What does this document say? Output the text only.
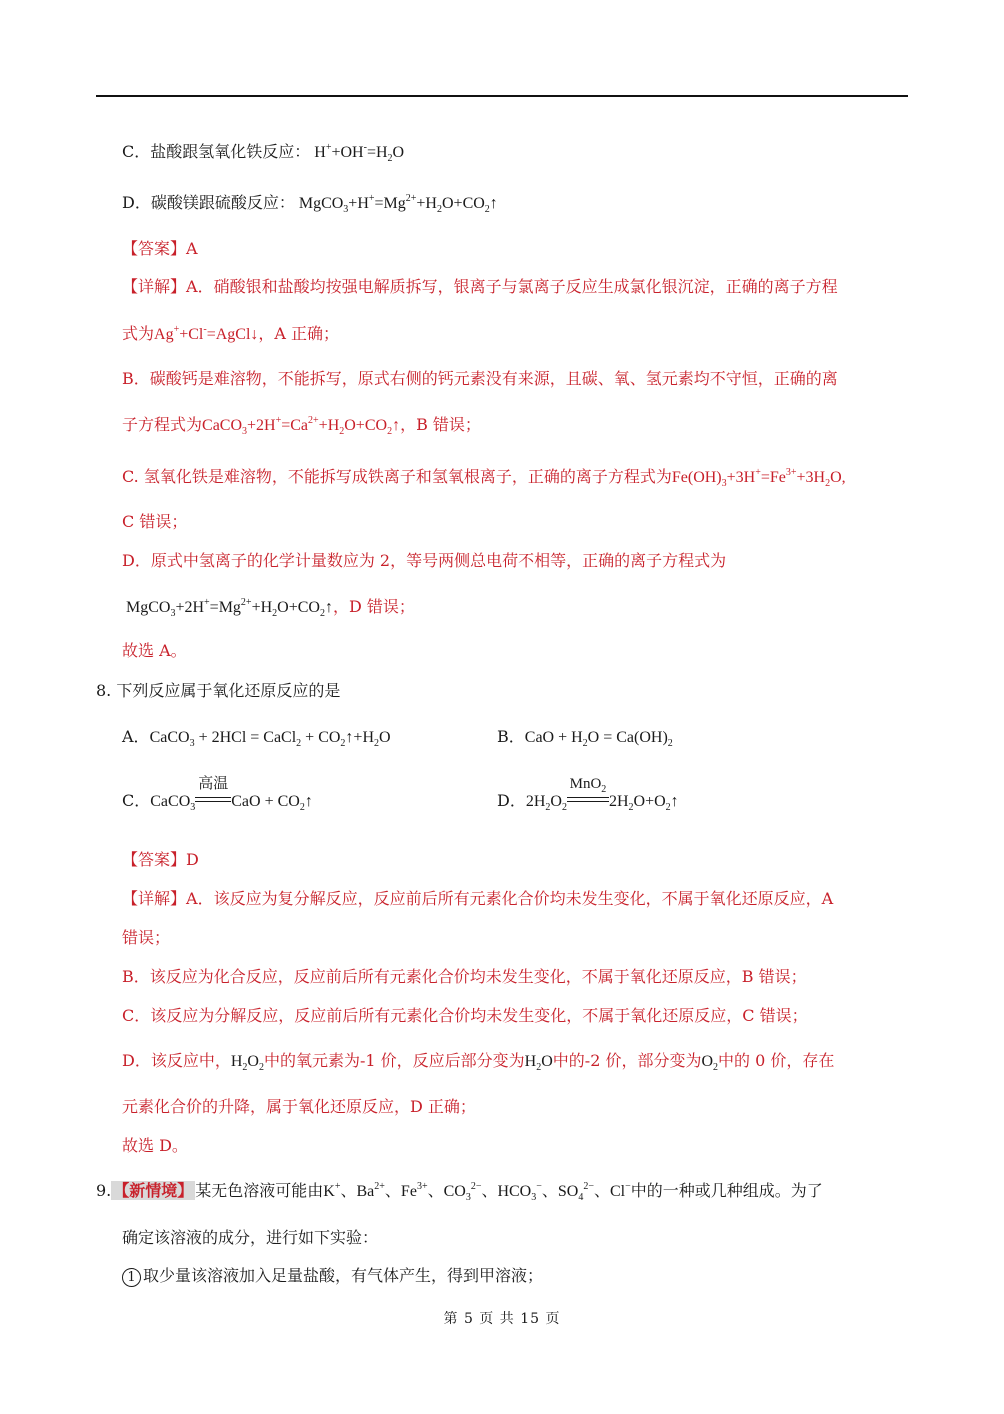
C．盐酸跟氢氧化铁反应： $H^++OH^-=H_2O$
D．碳酸镁跟硫酸反应： $MgCO_3+H^+=Mg^{2+}+H_2O+CO_2↑$
【答案】A
【详解】A．硝酸银和盐酸均按强电解质拆写，银离子与氯离子反应生成氯化银沉淀，正确的离子方程
式为Ag++Cl-=AgCl↓，A 正确；
B．碳酸钙是难溶物，不能拆写，原式右侧的钙元素没有来源，且碳、氧、氢元素均不守恒，正确的离
子方程式为$CaCO_3+2H^+=Ca^{2+}+H_2O+CO_2↑$，B 错误；
C. 氢氧化铁是难溶物，不能拆写成铁离子和氢氧根离子，正确的离子方程式为$Fe(OH)_3+3H^+=Fe^{3+}+3H_2O$,
C 错误；
D．原式中氢离子的化学计量数应为 2，等号两侧总电荷不相等，正确的离子方程式为
$MgCO_3+2H^+=Mg^{2+}+H_2O+CO_2↑$，D 错误；
故选 A。
8. 下列反应属于氧化还原反应的是
A．CaCO$_3$ + 2HCl = CaCl$_2$ + $CO_2↑+H_2O$	B．CaO + $H_2O = Ca(OH)_2$
C．CaCO$_3$
高温
CaO + $CO_2↑$	D．$2H_2O_2$
MnO$_2$
$2H_2O+O_2↑$
【答案】D
【详解】A．该反应为复分解反应，反应前后所有元素化合价均未发生变化，不属于氧化还原反应，A
错误；
B．该反应为化合反应，反应前后所有元素化合价均未发生变化，不属于氧化还原反应，B 错误；
C．该反应为分解反应，反应前后所有元素化合价均未发生变化，不属于氧化还原反应，C 错误；
D．该反应中，$H_2O_2$中的氧元素为-1 价，反应后部分变为$H_2O$中的-2 价，部分变为$O_2$中的 0 价，存在
元素化合价的升降，属于氧化还原反应，D 正确；
故选 D。
9. 【新情境】 某无色溶液可能由K+、$Ba^{2+}$、$Fe^{3+}$、$CO_3^{2-}$、$HCO_3^-$、$SO_4^{2-}$、Cl−中的一种或几种组成。为了
确定该溶液的成分，进行如下实验：
1 取少量该溶液加入足量盐酸，有气体产生，得到甲溶液；
第 5 页 共 15 页
